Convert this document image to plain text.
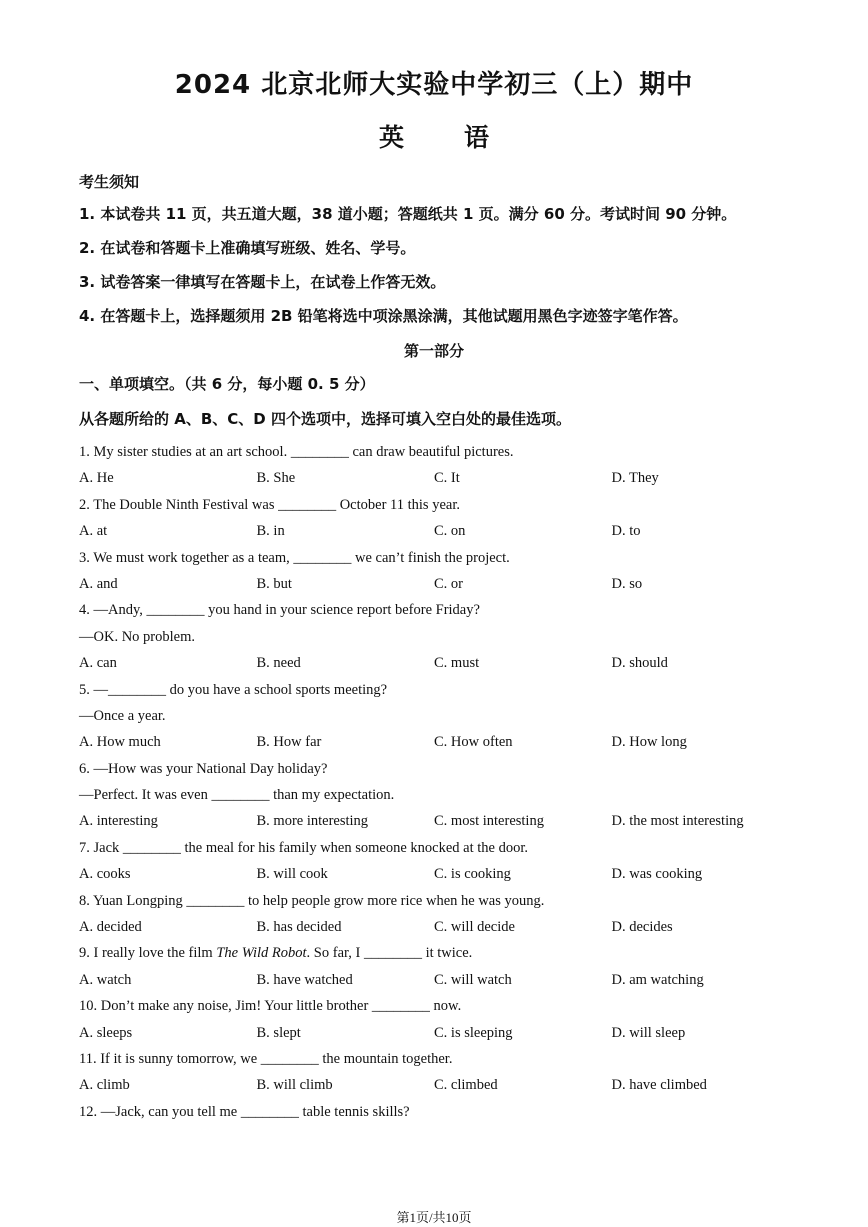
2024 北京北师大实验中学初三（上）期中
英 语
考生须知
1. 本试卷共 11 页，共五道大题，38 道小题；答题纸共 1 页。满分 60 分。考试时间 90 分钟。
2. 在试卷和答题卡上准确填写班级、姓名、学号。
3. 试卷答案一律填写在答题卡上，在试卷上作答无效。
4. 在答题卡上，选择题须用 2B 铅笔将选中项涂黑涂满，其他试题用黑色字迹签字笔作答。
第一部分
一、单项填空。（共 6 分，每小题 0. 5 分）
从各题所给的 A、B、C、D 四个选项中，选择可填入空白处的最佳选项。
1. My sister studies at an art school. ________ can draw beautiful pictures.
A. He	B. She	C. It	D. They
2. The Double Ninth Festival was ________ October 11 this year.
A. at	B. in	C. on	D. to
3. We must work together as a team, ________ we can’t finish the project.
A. and	B. but	C. or	D. so
4. —Andy, ________ you hand in your science report before Friday?
—OK. No problem.
A. can	B. need	C. must	D. should
5. —________ do you have a school sports meeting?
—Once a year.
A. How much	B. How far	C. How often	D. How long
6. —How was your National Day holiday?
—Perfect. It was even ________ than my expectation.
A. interesting	B. more interesting	C. most interesting	D. the most interesting
7. Jack ________ the meal for his family when someone knocked at the door.
A. cooks	B. will cook	C. is cooking	D. was cooking
8. Yuan Longping ________ to help people grow more rice when he was young.
A. decided	B. has decided	C. will decide	D. decides
9. I really love the film The Wild Robot. So far, I ________ it twice.
A. watch	B. have watched	C. will watch	D. am watching
10. Don’t make any noise, Jim! Your little brother ________ now.
A. sleeps	B. slept	C. is sleeping	D. will sleep
11. If it is sunny tomorrow, we ________ the mountain together.
A. climb	B. will climb	C. climbed	D. have climbed
12. —Jack, can you tell me ________ table tennis skills?
第1页/共10页
